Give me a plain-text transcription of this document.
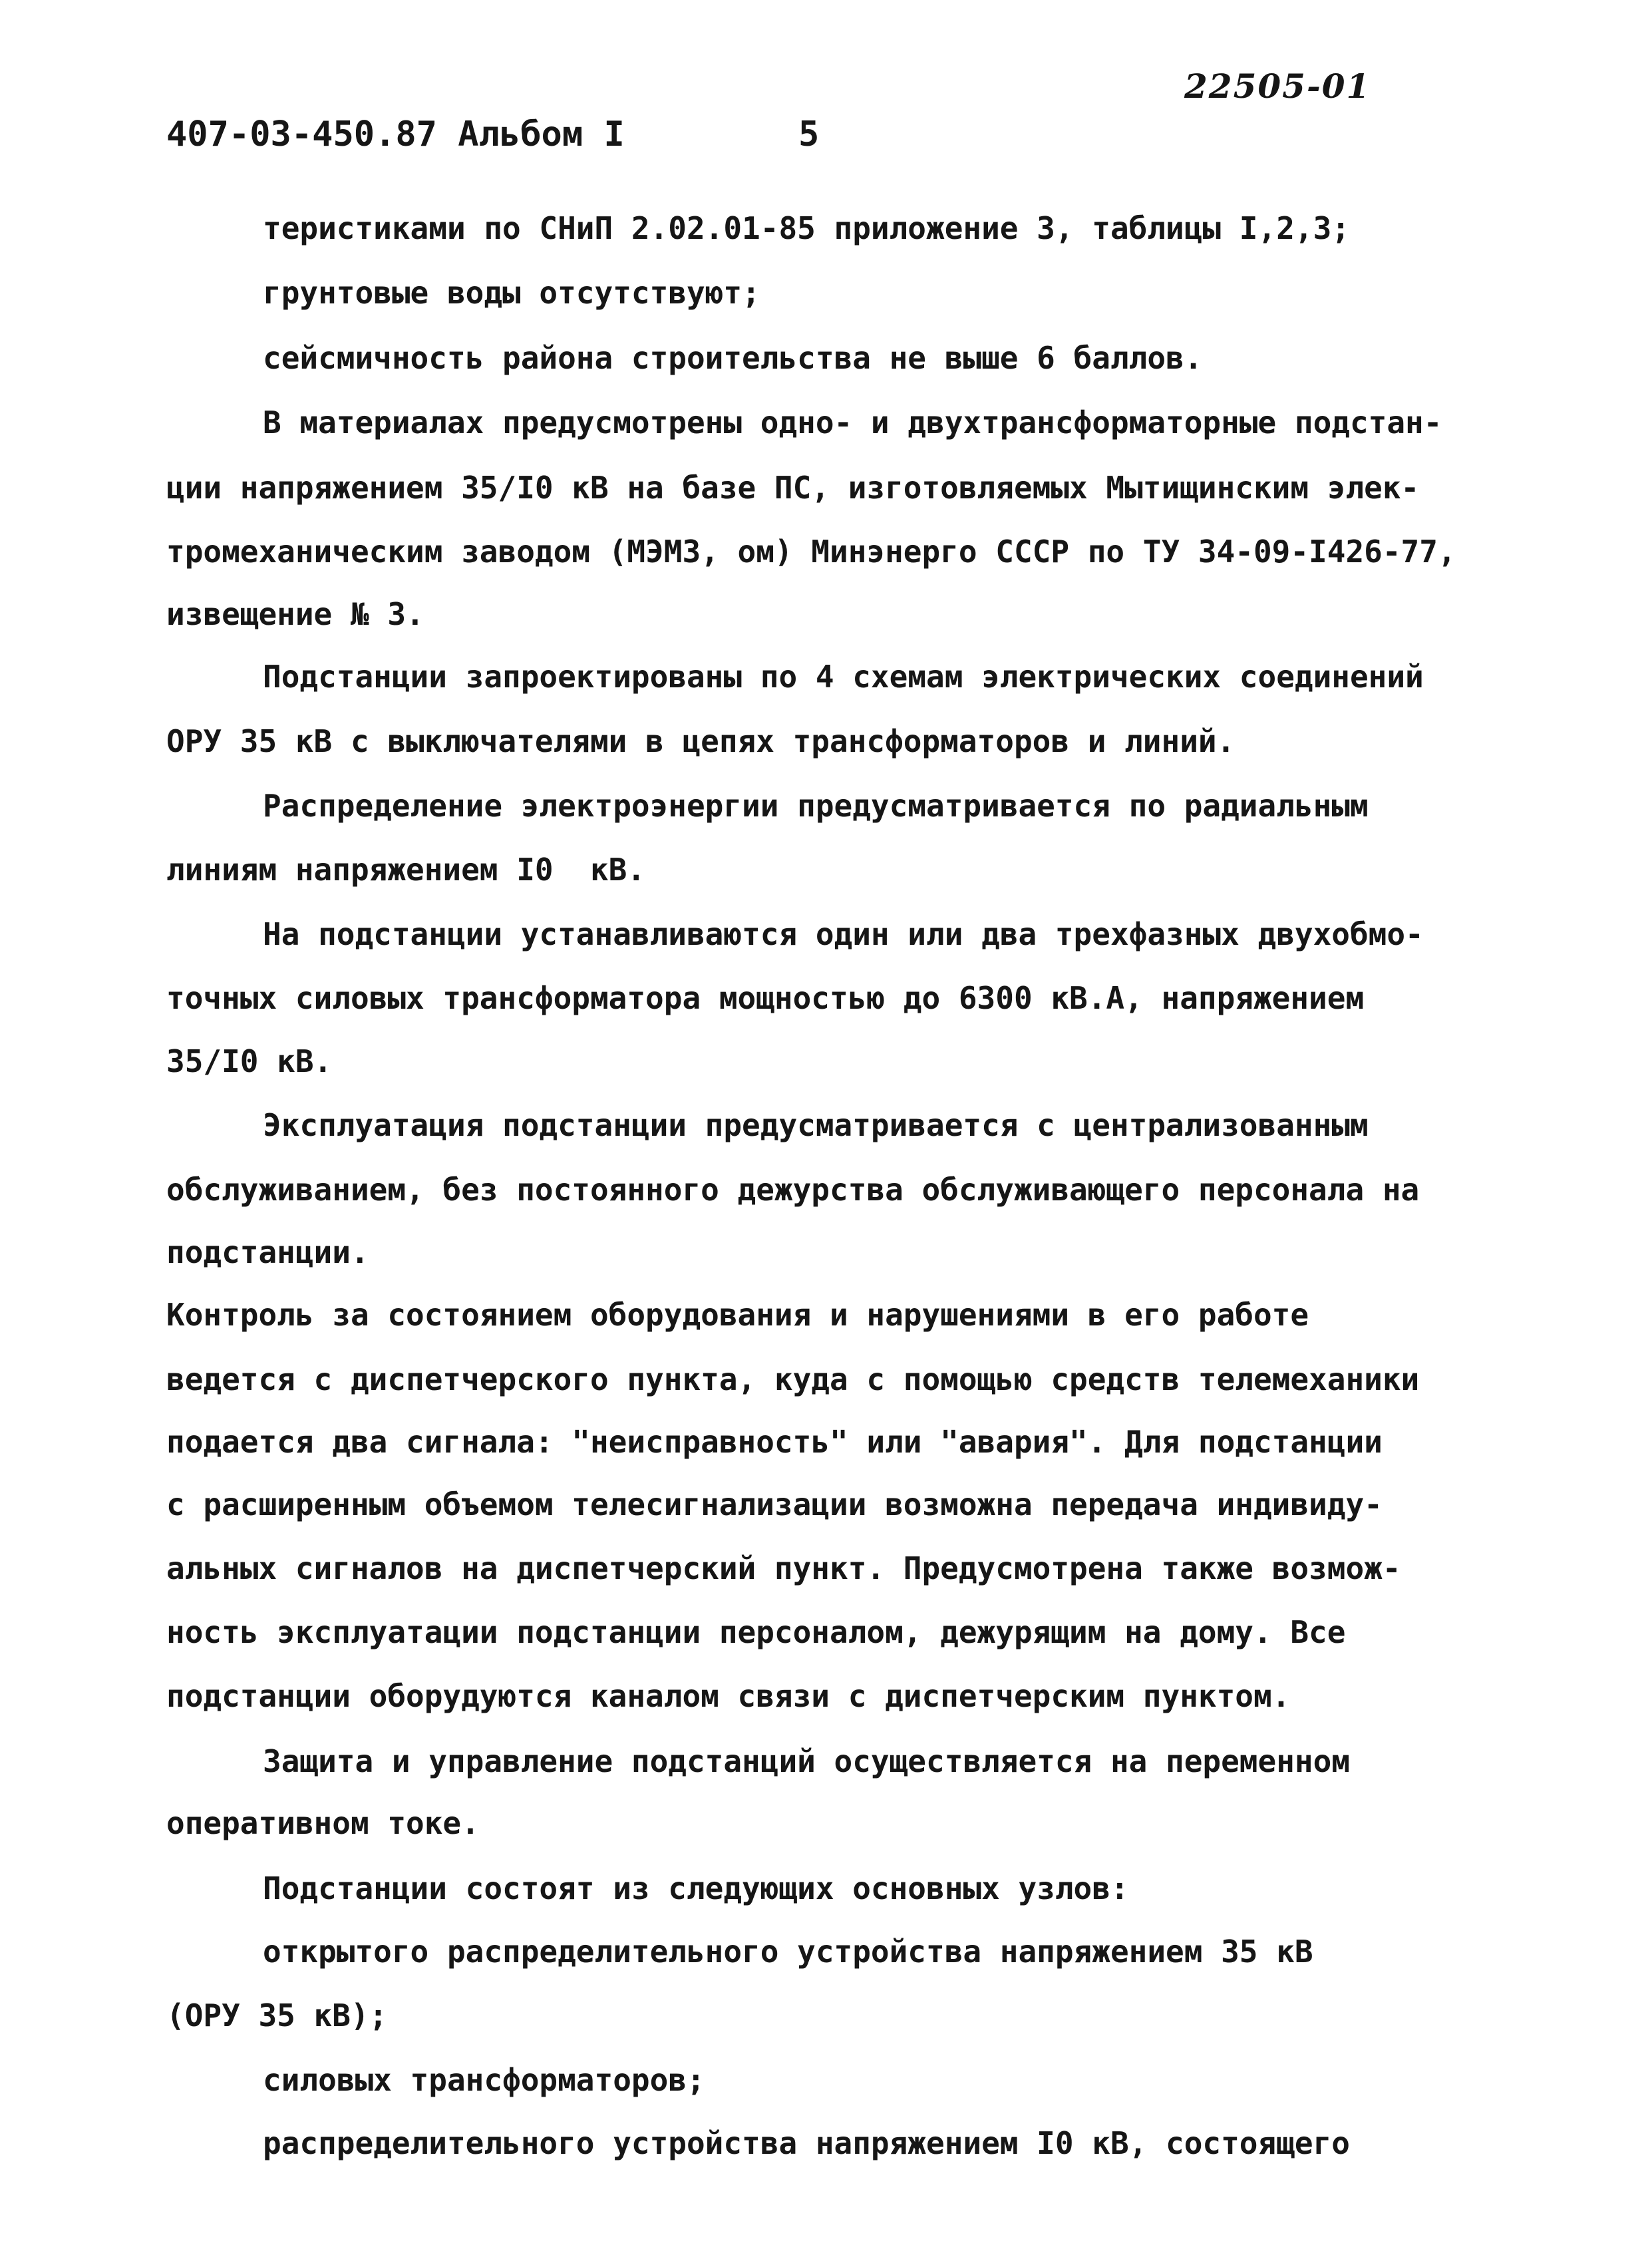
22505-01
407-03-450.87 Альбом I	5
теристиками по СНиП 2.02.01-85 приложение 3, таблицы I,2,3;
грунтовые воды отсутствуют;
сейсмичность района строительства не выше 6 баллов.
В материалах предусмотрены одно- и двухтрансформаторные подстан-
ции напряжением 35/I0 кВ на базе ПС, изготовляемых Мытищинским элек-
тромеханическим заводом (МЭМЗ, ом) Минэнерго СССР по ТУ 34-09-I426-77,
извещение № 3.
Подстанции запроектированы по 4 схемам электрических соединений
ОРУ 35 кВ с выключателями в цепях трансформаторов и линий.
Распределение электроэнергии предусматривается по радиальным
линиям напряжением I0  кВ.
На подстанции устанавливаются один или два трехфазных двухобмо-
точных силовых трансформатора мощностью до 6300 кВ.А, напряжением
35/I0 кВ.
Эксплуатация подстанции предусматривается с централизованным
обслуживанием, без постоянного дежурства обслуживающего персонала на
подстанции.
Контроль за состоянием оборудования и нарушениями в его работе
ведется с диспетчерского пункта, куда с помощью средств телемеханики
подается два сигнала: "неисправность" или "авария". Для подстанции
с расширенным объемом телесигнализации возможна передача индивиду-
альных сигналов на диспетчерский пункт. Предусмотрена также возмож-
ность эксплуатации подстанции персоналом, дежурящим на дому. Все
подстанции оборудуются каналом связи с диспетчерским пунктом.
Защита и управление подстанций осуществляется на переменном
оперативном токе.
Подстанции состоят из следующих основных узлов:
открытого распределительного устройства напряжением 35 кВ
(ОРУ 35 кВ);
силовых трансформаторов;
распределительного устройства напряжением I0 кВ, состоящего
